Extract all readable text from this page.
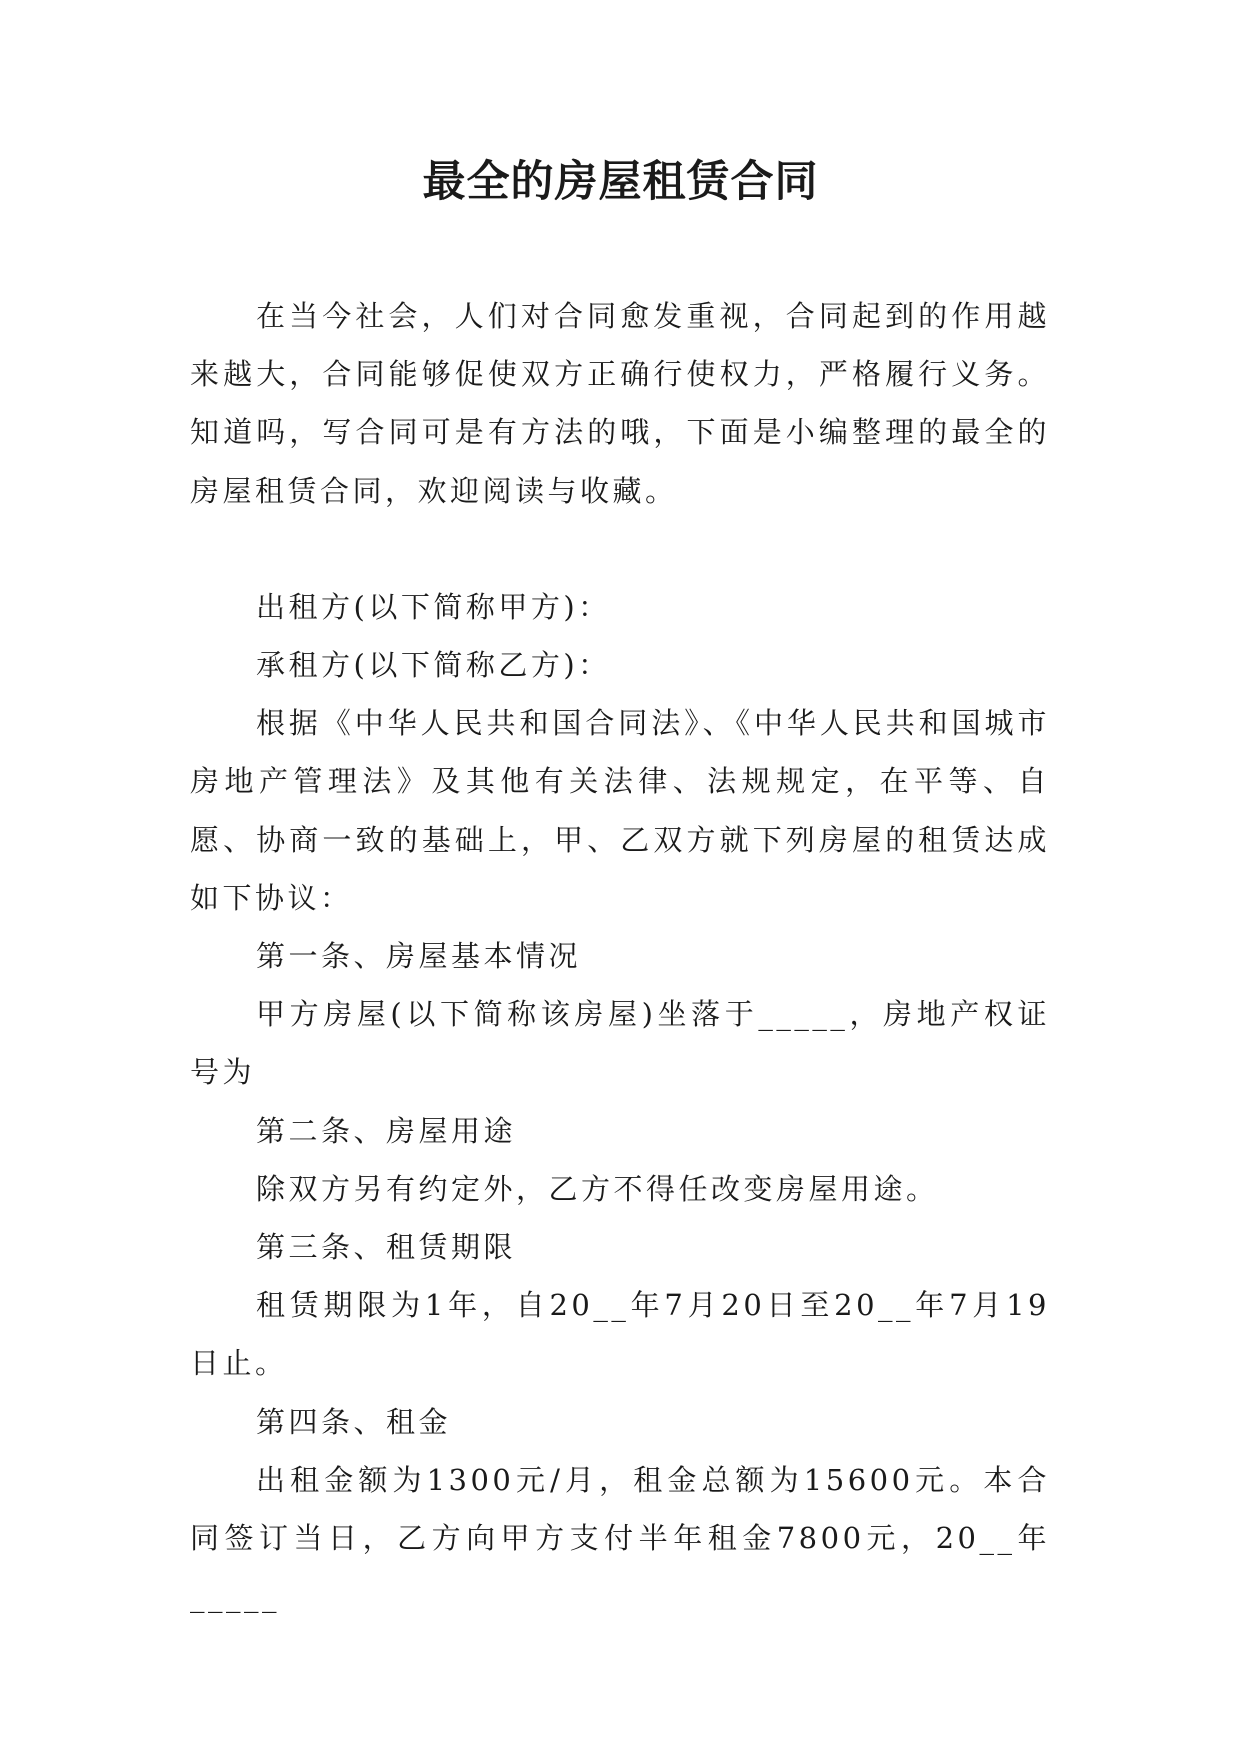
最全的房屋租赁合同

在当今社会，人们对合同愈发重视，合同起到的作用越来越大，合同能够促使双方正确行使权力，严格履行义务。知道吗，写合同可是有方法的哦，下面是小编整理的最全的房屋租赁合同，欢迎阅读与收藏。

出租方(以下简称甲方)：

承租方(以下简称乙方)：

根据《中华人民共和国合同法》、《中华人民共和国城市房地产管理法》及其他有关法律、法规规定，在平等、自愿、协商一致的基础上，甲、乙双方就下列房屋的租赁达成如下协议：

第一条、房屋基本情况

甲方房屋(以下简称该房屋)坐落于_____，房地产权证号为

第二条、房屋用途

除双方另有约定外，乙方不得任改变房屋用途。

第三条、租赁期限

租赁期限为1年，自20__年7月20日至20__年7月19日止。

第四条、租金

出租金额为1300元/月，租金总额为15600元。本合同签订当日，乙方向甲方支付半年租金7800元，20__年_____
